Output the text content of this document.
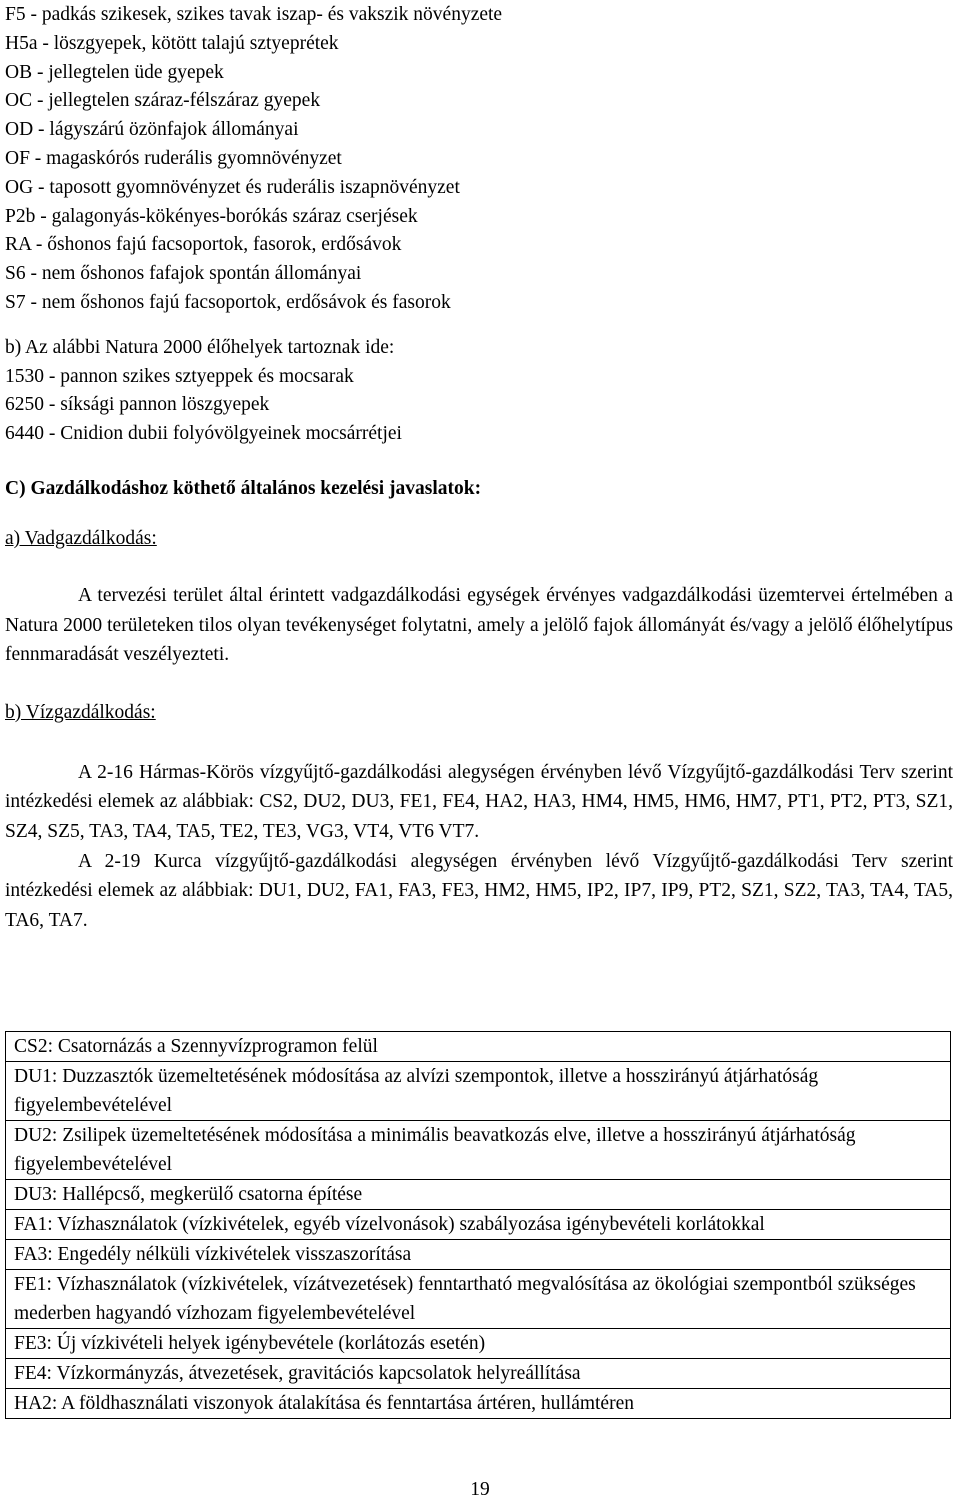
F5 - padkás szikesek, szikes tavak iszap- és vakszik növényzete
H5a - löszgyepek, kötött talajú sztyeprétek
OB - jellegtelen üde gyepek
OC - jellegtelen száraz-félszáraz gyepek
OD - lágyszárú özönfajok állományai
OF - magaskórós ruderális gyomnövényzet
OG - taposott gyomnövényzet és ruderális iszapnövényzet
P2b - galagonyás-kökényes-borókás száraz cserjések
RA - őshonos fajú facsoportok, fasorok, erdősávok
S6 - nem őshonos fafajok spontán állományai
S7 - nem őshonos fajú facsoportok, erdősávok és fasorok
b) Az alábbi Natura 2000 élőhelyek tartoznak ide:
1530 - pannon szikes sztyeppek és mocsarak
6250 - síksági pannon löszgyepek
6440 - Cnidion dubii folyóvölgyeinek mocsárrétjei
C) Gazdálkodáshoz köthető általános kezelési javaslatok:
a) Vadgazdálkodás:

A tervezési terület által érintett vadgazdálkodási egységek érvényes vadgazdálkodási üzemtervei értelmében a Natura 2000 területeken tilos olyan tevékenységet folytatni, amely a jelölő fajok állományát és/vagy a jelölő élőhelytípus fennmaradását veszélyezteti.

b) Vízgazdálkodás:

A 2-16 Hármas-Körös vízgyűjtő-gazdálkodási alegységen érvényben lévő Vízgyűjtő-gazdálkodási Terv szerint intézkedési elemek az alábbiak: CS2, DU2, DU3, FE1, FE4, HA2, HA3, HM4, HM5, HM6, HM7, PT1, PT2, PT3, SZ1, SZ4, SZ5, TA3, TA4, TA5, TE2, TE3, VG3, VT4, VT6 VT7.

A 2-19 Kurca vízgyűjtő-gazdálkodási alegységen érvényben lévő Vízgyűjtő-gazdálkodási Terv szerint intézkedési elemek az alábbiak: DU1, DU2, FA1, FA3, FE3, HM2, HM5, IP2, IP7, IP9, PT2, SZ1, SZ2, TA3, TA4, TA5, TA6, TA7.

CS2: Csatornázás a Szennyvízprogramon felül
DU1: Duzzasztók üzemeltetésének módosítása az alvízi szempontok, illetve a hosszirányú átjárhatóság figyelembevételével
DU2: Zsilipek üzemeltetésének módosítása a minimális beavatkozás elve, illetve a hosszirányú átjárhatóság figyelembevételével
DU3: Hallépcső, megkerülő csatorna építése
FA1: Vízhasználatok (vízkivételek, egyéb vízelvonások) szabályozása igénybevételi korlátokkal
FA3: Engedély nélküli vízkivételek visszaszorítása
FE1: Vízhasználatok (vízkivételek, vízátvezetések) fenntartható megvalósítása az ökológiai szempontból szükséges mederben hagyandó vízhozam figyelembevételével
FE3: Új vízkivételi helyek igénybevétele (korlátozás esetén)
FE4: Vízkormányzás, átvezetések, gravitációs kapcsolatok helyreállítása
HA2: A földhasználati viszonyok átalakítása és fenntartása ártéren, hullámtéren
19
